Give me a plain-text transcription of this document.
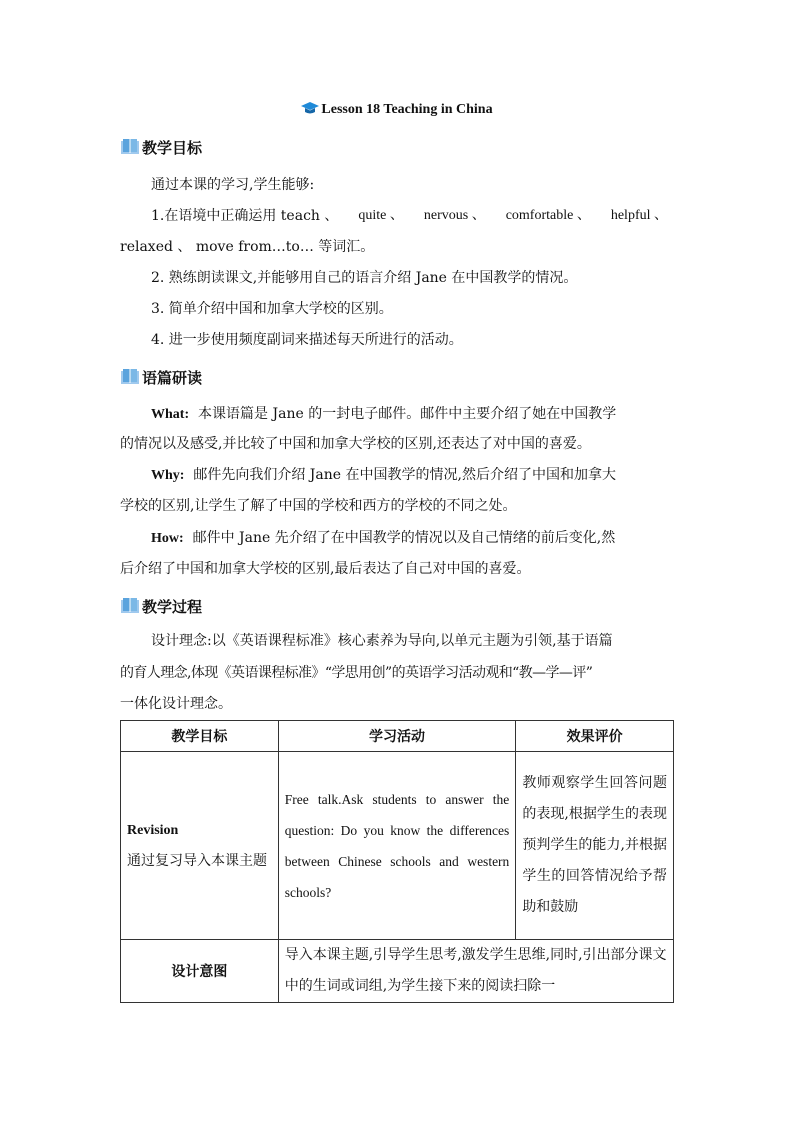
Lesson 18 Teaching in China
教学目标
通过本课的学习,学生能够:
1.在语境中正确运用 teach 、 quite 、 nervous 、 comfortable 、 helpful 、
relaxed 、 move from…to… 等词汇。
2. 熟练朗读课文,并能够用自己的语言介绍 Jane 在中国教学的情况。
3. 简单介绍中国和加拿大学校的区别。
4. 进一步使用频度副词来描述每天所进行的活动。
语篇研读
What: 本课语篇是 Jane 的一封电子邮件。邮件中主要介绍了她在中国教学
的情况以及感受,并比较了中国和加拿大学校的区别,还表达了对中国的喜爱。
Why: 邮件先向我们介绍 Jane 在中国教学的情况,然后介绍了中国和加拿大
学校的区别,让学生了解了中国的学校和西方的学校的不同之处。
How: 邮件中 Jane 先介绍了在中国教学的情况以及自己情绪的前后变化,然
后介绍了中国和加拿大学校的区别,最后表达了自己对中国的喜爱。
教学过程
设计理念:以《英语课程标准》核心素养为导向,以单元主题为引领,基于语篇
的育人理念,体现《英语课程标准》“学思用创”的英语学习活动观和“教—学—评”
一体化设计理念。
教学目标	学习活动	效果评价

Revision
通过复习导入本课主题	Free talk.Ask students to answer the question: Do you know the differences between Chinese schools and western schools?	教师观察学生回答问题的表现,根据学生的表现预判学生的能力,并根据学生的回答情况给予帮助和鼓励
设计意图	导入本课主题,引导学生思考,激发学生思维,同时,引出部分课文中的生词或词组,为学生接下来的阅读扫除一	
